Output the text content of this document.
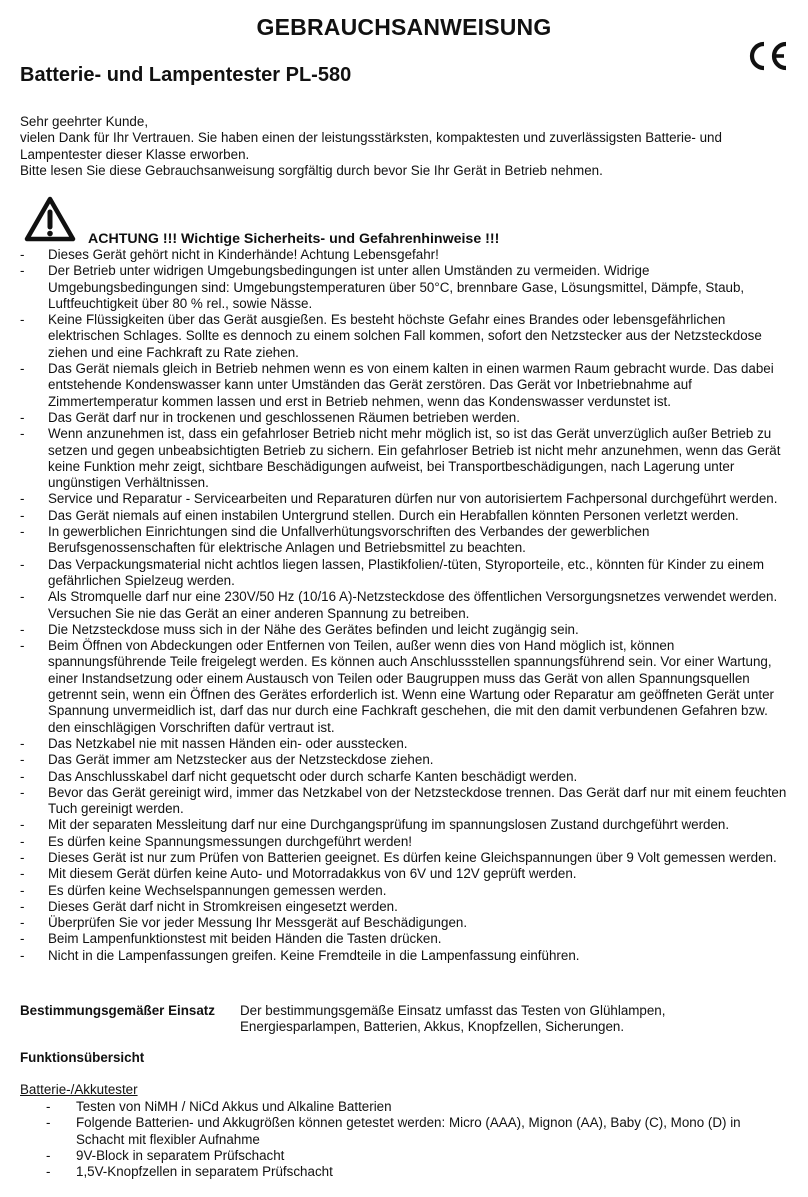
GEBRAUCHSANWEISUNG
Batterie- und Lampentester PL-580
Sehr geehrter Kunde,
vielen Dank für Ihr Vertrauen. Sie haben einen der leistungsstärksten, kompaktesten und zuverlässigsten Batterie- und
Lampentester dieser Klasse erworben.
Bitte lesen Sie diese Gebrauchsanweisung sorgfältig durch bevor Sie Ihr Gerät in Betrieb nehmen.
ACHTUNG !!! Wichtige Sicherheits- und Gefahrenhinweise !!!
- Dieses Gerät gehört nicht in Kinderhände! Achtung Lebensgefahr!
- Der Betrieb unter widrigen Umgebungsbedingungen ist unter allen Umständen zu vermeiden. Widrige Umgebungsbedingungen sind: Umgebungstemperaturen über 50°C, brennbare Gase, Lösungsmittel, Dämpfe, Staub, Luftfeuchtigkeit über 80 % rel., sowie Nässe.
- Keine Flüssigkeiten über das Gerät ausgießen. Es besteht höchste Gefahr eines Brandes oder lebensgefährlichen elektrischen Schlages. Sollte es dennoch zu einem solchen Fall kommen, sofort den Netzstecker aus der Netzsteckdose ziehen und eine Fachkraft zu Rate ziehen.
- Das Gerät niemals gleich in Betrieb nehmen wenn es von einem kalten in einen warmen Raum gebracht wurde. Das dabei entstehende Kondenswasser kann unter Umständen das Gerät zerstören. Das Gerät vor Inbetriebnahme auf Zimmertemperatur kommen lassen und erst in Betrieb nehmen, wenn das Kondenswasser verdunstet ist.
- Das Gerät darf nur in trockenen und geschlossenen Räumen betrieben werden.
- Wenn anzunehmen ist, dass ein gefahrloser Betrieb nicht mehr möglich ist, so ist das Gerät unverzüglich außer Betrieb zu setzen und gegen unbeabsichtigten Betrieb zu sichern. Ein gefahrloser Betrieb ist nicht mehr anzunehmen, wenn das Gerät keine Funktion mehr zeigt, sichtbare Beschädigungen aufweist, bei Transportbeschädigungen, nach Lagerung unter ungünstigen Verhältnissen.
- Service und Reparatur - Servicearbeiten und Reparaturen dürfen nur von autorisiertem Fachpersonal durchgeführt werden.
- Das Gerät niemals auf einen instabilen Untergrund stellen. Durch ein Herabfallen könnten Personen verletzt werden.
- In gewerblichen Einrichtungen sind die Unfallverhütungsvorschriften des Verbandes der gewerblichen Berufsgenossenschaften für elektrische Anlagen und Betriebsmittel zu beachten.
- Das Verpackungsmaterial nicht achtlos liegen lassen, Plastikfolien/-tüten, Styroporteile, etc., könnten für Kinder zu einem gefährlichen Spielzeug werden.
- Als Stromquelle darf nur eine 230V/50 Hz (10/16 A)-Netzsteckdose des öffentlichen Versorgungsnetzes verwendet werden. Versuchen Sie nie das Gerät an einer anderen Spannung zu betreiben.
- Die Netzsteckdose muss sich in der Nähe des Gerätes befinden und leicht zugängig sein.
- Beim Öffnen von Abdeckungen oder Entfernen von Teilen, außer wenn dies von Hand möglich ist, können spannungsführende Teile freigelegt werden. Es können auch Anschlussstellen spannungsführend sein. Vor einer Wartung, einer Instandsetzung oder einem Austausch von Teilen oder Baugruppen muss das Gerät von allen Spannungsquellen getrennt sein, wenn ein Öffnen des Gerätes erforderlich ist. Wenn eine Wartung oder Reparatur am geöffneten Gerät unter Spannung unvermeidlich ist, darf das nur durch eine Fachkraft geschehen, die mit den damit verbundenen Gefahren bzw. den einschlägigen Vorschriften dafür vertraut ist.
- Das Netzkabel nie mit nassen Händen ein- oder ausstecken.
- Das Gerät immer am Netzstecker aus der Netzsteckdose ziehen.
- Das Anschlusskabel darf nicht gequetscht oder durch scharfe Kanten beschädigt werden.
- Bevor das Gerät gereinigt wird, immer das Netzkabel von der Netzsteckdose trennen. Das Gerät darf nur mit einem feuchten Tuch gereinigt werden.
- Mit der separaten Messleitung darf nur eine Durchgangsprüfung im spannungslosen Zustand durchgeführt werden.
- Es dürfen keine Spannungsmessungen durchgeführt werden!
- Dieses Gerät ist nur zum Prüfen von Batterien geeignet. Es dürfen keine Gleichspannungen über 9 Volt gemessen werden.
- Mit diesem Gerät dürfen keine Auto- und Motorradakkus von 6V und 12V geprüft werden.
- Es dürfen keine Wechselspannungen gemessen werden.
- Dieses Gerät darf nicht in Stromkreisen eingesetzt werden.
- Überprüfen Sie vor jeder Messung Ihr Messgerät auf Beschädigungen.
- Beim Lampenfunktionstest mit beiden Händen die Tasten drücken.
- Nicht in die Lampenfassungen greifen. Keine Fremdteile in die Lampenfassung einführen.
Bestimmungsgemäßer Einsatz Der bestimmungsgemäße Einsatz umfasst das Testen von Glühlampen, Energiesparlampen, Batterien, Akkus, Knopfzellen, Sicherungen.
Funktionsübersicht
Batterie-/Akkutester
- Testen von NiMH / NiCd Akkus und Alkaline Batterien
- Folgende Batterien- und Akkugrößen können getestet werden: Micro (AAA), Mignon (AA), Baby (C), Mono (D) in Schacht mit flexibler Aufnahme
- 9V-Block in separatem Prüfschacht
- 1,5V-Knopfzellen in separatem Prüfschacht
